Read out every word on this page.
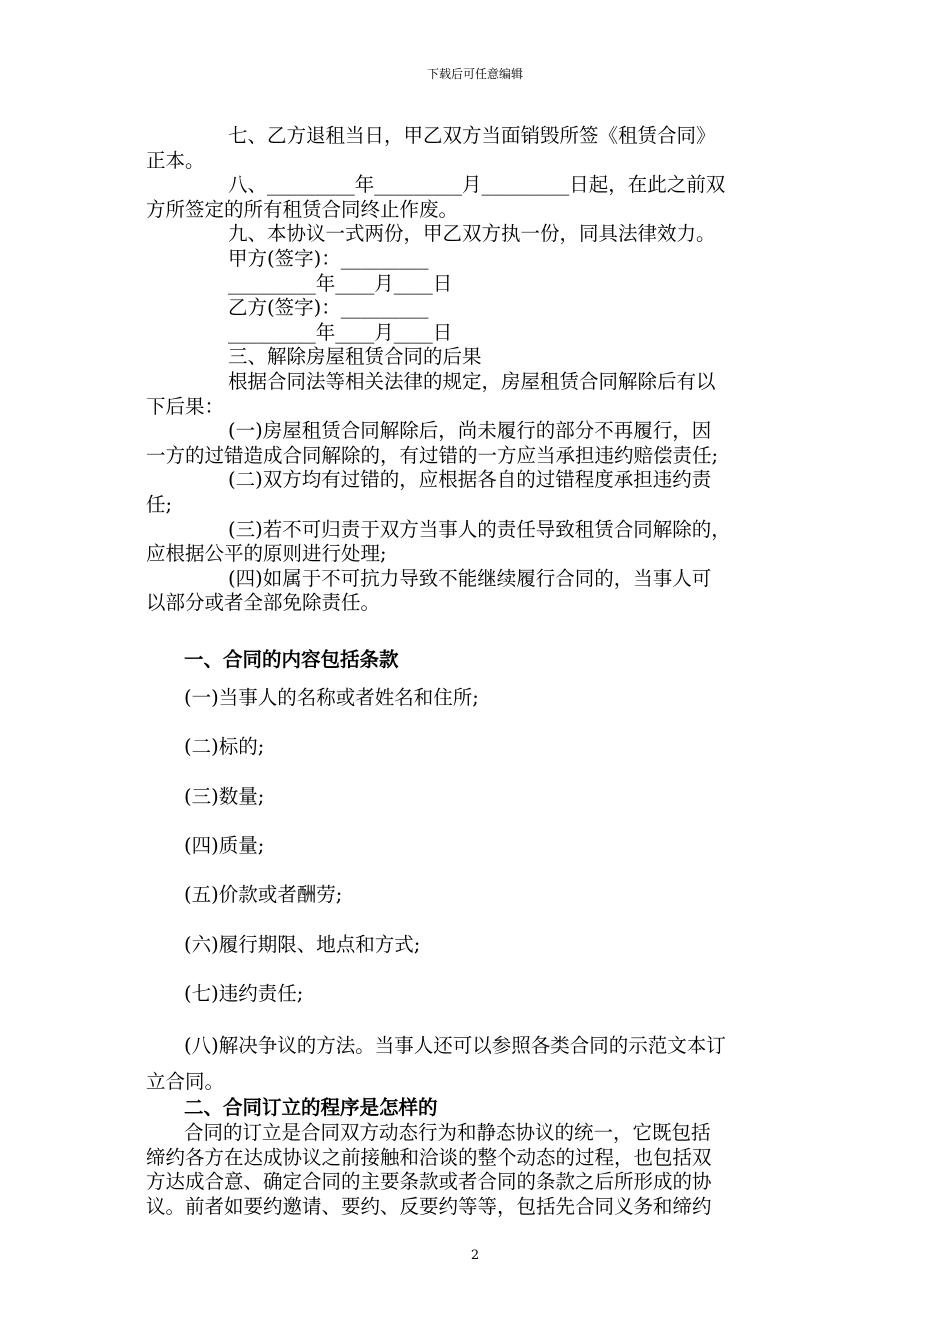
下载后可任意编辑

七、乙方退租当日，甲乙双方当面销毁所签《租赁合同》

正本。

八、_________年_________月_________日起，在此之前双

方所签定的所有租赁合同终止作废。

九、本协议一式两份，甲乙双方执一份，同具法律效力。

甲方(签字)：_________

_________年____月____日

乙方(签字)：_________

_________年____月____日

三、解除房屋租赁合同的后果

根据合同法等相关法律的规定，房屋租赁合同解除后有以

下后果：

(一)房屋租赁合同解除后，尚未履行的部分不再履行，因

一方的过错造成合同解除的，有过错的一方应当承担违约赔偿责任;

(二)双方均有过错的，应根据各自的过错程度承担违约责

任;

(三)若不可归责于双方当事人的责任导致租赁合同解除的，

应根据公平的原则进行处理;

(四)如属于不可抗力导致不能继续履行合同的，当事人可

以部分或者全部免除责任。

一、合同的内容包括条款
(一)当事人的名称或者姓名和住所;
(二)标的;
(三)数量;
(四)质量;
(五)价款或者酬劳;
(六)履行期限、地点和方式;
(七)违约责任;
(八)解决争议的方法。当事人还可以参照各类合同的示范文本订
立合同。
二、合同订立的程序是怎样的

合同的订立是合同双方动态行为和静态协议的统一，它既包括

缔约各方在达成协议之前接触和洽谈的整个动态的过程，也包括双

方达成合意、确定合同的主要条款或者合同的条款之后所形成的协

议。前者如要约邀请、要约、反要约等等，包括先合同义务和缔约

2
